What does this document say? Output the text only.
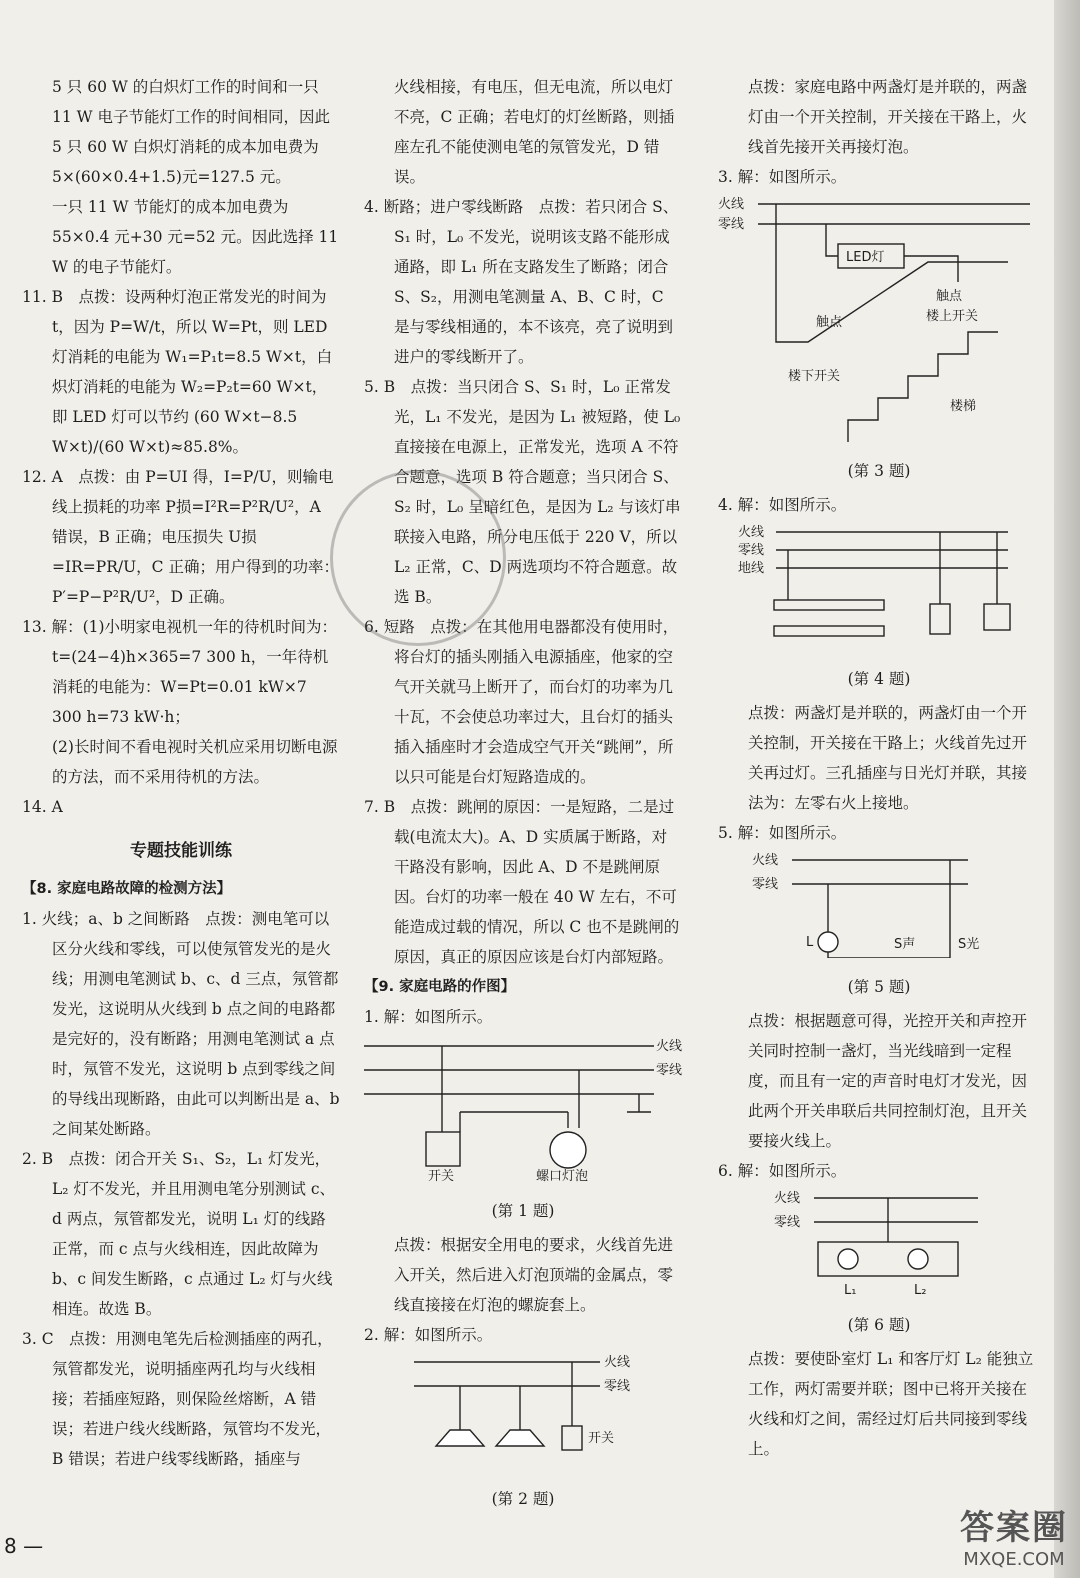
5 只 60 W 的白炽灯工作的时间和一只 11 W 电子节能灯工作的时间相同，因此 5 只 60 W 白炽灯消耗的成本加电费为 5×(60×0.4+1.5)元=127.5 元。

一只 11 W 节能灯的成本加电费为 55×0.4 元+30 元=52 元。因此选择 11 W 的电子节能灯。

11. B　点拨：设两种灯泡正常发光的时间为 t，因为 P=W/t，所以 W=Pt，则 LED 灯消耗的电能为 W₁=P₁t=8.5 W×t，白炽灯消耗的电能为 W₂=P₂t=60 W×t，即 LED 灯可以节约 (60 W×t−8.5 W×t)/(60 W×t)≈85.8%。

12. A　点拨：由 P=UI 得，I=P/U，则输电线上损耗的功率 P损=I²R=P²R/U²，A 错误，B 正确；电压损失 U损=IR=PR/U，C 正确；用户得到的功率：P′=P−P²R/U²，D 正确。

13. 解：(1)小明家电视机一年的待机时间为：t=(24−4)h×365=7 300 h，一年待机消耗的电能为：W=Pt=0.01 kW×7 300 h=73 kW·h；

(2)长时间不看电视时关机应采用切断电源的方法，而不采用待机的方法。

14. A

专题技能训练
【8. 家庭电路故障的检测方法】

1. 火线；a、b 之间断路　点拨：测电笔可以区分火线和零线，可以使氖管发光的是火线；用测电笔测试 b、c、d 三点，氖管都发光，这说明从火线到 b 点之间的电路都是完好的，没有断路；用测电笔测试 a 点时，氖管不发光，这说明 b 点到零线之间的导线出现断路，由此可以判断出是 a、b 之间某处断路。

2. B　点拨：闭合开关 S₁、S₂，L₁ 灯发光，L₂ 灯不发光，并且用测电笔分别测试 c、d 两点，氖管都发光，说明 L₁ 灯的线路正常，而 c 点与火线相连，因此故障为 b、c 间发生断路，c 点通过 L₂ 灯与火线相连。故选 B。

3. C　点拨：用测电笔先后检测插座的两孔，氖管都发光，说明插座两孔均与火线相接；若插座短路，则保险丝熔断，A 错误；若进户线火线断路，氖管均不发光，B 错误；若进户线零线断路，插座与

火线相接，有电压，但无电流，所以电灯不亮，C 正确；若电灯的灯丝断路，则插座左孔不能使测电笔的氖管发光，D 错误。

4. 断路；进户零线断路　点拨：若只闭合 S、S₁ 时，L₀ 不发光，说明该支路不能形成通路，即 L₁ 所在支路发生了断路；闭合 S、S₂，用测电笔测量 A、B、C 时，C 是与零线相通的，本不该亮，亮了说明到进户的零线断开了。

5. B　点拨：当只闭合 S、S₁ 时，L₀ 正常发光，L₁ 不发光，是因为 L₁ 被短路，使 L₀ 直接接在电源上，正常发光，选项 A 不符合题意，选项 B 符合题意；当只闭合 S、S₂ 时，L₀ 呈暗红色，是因为 L₂ 与该灯串联接入电路，所分电压低于 220 V，所以 L₂ 正常，C、D 两选项均不符合题意。故选 B。

6. 短路　点拨：在其他用电器都没有使用时，将台灯的插头刚插入电源插座，他家的空气开关就马上断开了，而台灯的功率为几十瓦，不会使总功率过大，且台灯的插头插入插座时才会造成空气开关“跳闸”，所以只可能是台灯短路造成的。

7. B　点拨：跳闸的原因：一是短路，二是过载(电流太大)。A、D 实质属于断路，对干路没有影响，因此 A、D 不是跳闸原因。台灯的功率一般在 40 W 左右，不可能造成过载的情况，所以 C 也不是跳闸的原因，真正的原因应该是台灯内部短路。

【9. 家庭电路的作图】

1. 解：如图所示。

火线
零线
开关	螺口灯泡

(第 1 题)

点拨：根据安全用电的要求，火线首先进入开关，然后进入灯泡顶端的金属点，零线直接接在灯泡的螺旋套上。

2. 解：如图所示。

火线
零线
开关

(第 2 题)

点拨：家庭电路中两盏灯是并联的，两盏灯由一个开关控制，开关接在干路上，火线首先接开关再接灯泡。

3. 解：如图所示。

火线
零线
LED灯
触点
触点
楼上开关
楼下开关
楼梯

(第 3 题)

4. 解：如图所示。

火线
零线
地线

(第 4 题)

点拨：两盏灯是并联的，两盏灯由一个开关控制，开关接在干路上；火线首先过开关再过灯。三孔插座与日光灯并联，其接法为：左零右火上接地。

5. 解：如图所示。

火线
零线
L	S声	S光

(第 5 题)

点拨：根据题意可得，光控开关和声控开关同时控制一盏灯，当光线暗到一定程度，而且有一定的声音时电灯才发光，因此两个开关串联后共同控制灯泡，且开关要接火线上。

6. 解：如图所示。

火线
零线
L₁	L₂

(第 6 题)

点拨：要使卧室灯 L₁ 和客厅灯 L₂ 能独立工作，两灯需要并联；图中已将开关接在火线和灯之间，需经过灯后共同接到零线上。

8 —	答案圈
MXQE.COM
